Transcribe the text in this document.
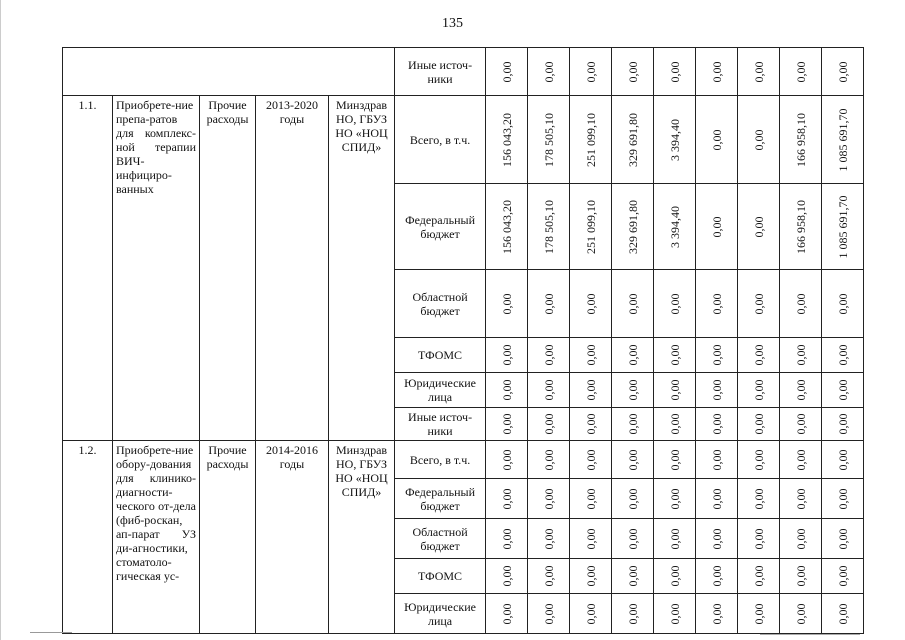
135
					Иные источ-ники	0,00	0,00	0,00	0,00	0,00	0,00	0,00	0,00	0,00

1.1.	Приобрете-ние препа-ратов для комплекс-ной терапии ВИЧ-инфициро-ванных	Прочие расходы	2013-2020 годы	Минздрав НО, ГБУЗ НО «НОЦ СПИД»	Всего, в т.ч.	156 043,20	178 505,10	251 099,10	329 691,80	3 394,40	0,00	0,00	166 958,10	1 085 691,70

					Федеральный бюджет	156 043,20	178 505,10	251 099,10	329 691,80	3 394,40	0,00	0,00	166 958,10	1 085 691,70

					Областной бюджет	0,00	0,00	0,00	0,00	0,00	0,00	0,00	0,00	0,00

					ТФОМС	0,00	0,00	0,00	0,00	0,00	0,00	0,00	0,00	0,00

					Юридические лица	0,00	0,00	0,00	0,00	0,00	0,00	0,00	0,00	0,00

					Иные источ-ники	0,00	0,00	0,00	0,00	0,00	0,00	0,00	0,00	0,00

1.2.	Приобрете-ние обору-дования для клинико-диагности-ческого от-дела (фиб-роскан, ап-парат УЗ ди-агностики, стоматоло-гическая ус-	Прочие расходы	2014-2016 годы	Минздрав НО, ГБУЗ НО «НОЦ СПИД»	Всего, в т.ч.	0,00	0,00	0,00	0,00	0,00	0,00	0,00	0,00	0,00

					Федеральный бюджет	0,00	0,00	0,00	0,00	0,00	0,00	0,00	0,00	0,00

					Областной бюджет	0,00	0,00	0,00	0,00	0,00	0,00	0,00	0,00	0,00

					ТФОМС	0,00	0,00	0,00	0,00	0,00	0,00	0,00	0,00	0,00

					Юридические лица	0,00	0,00	0,00	0,00	0,00	0,00	0,00	0,00	0,00
